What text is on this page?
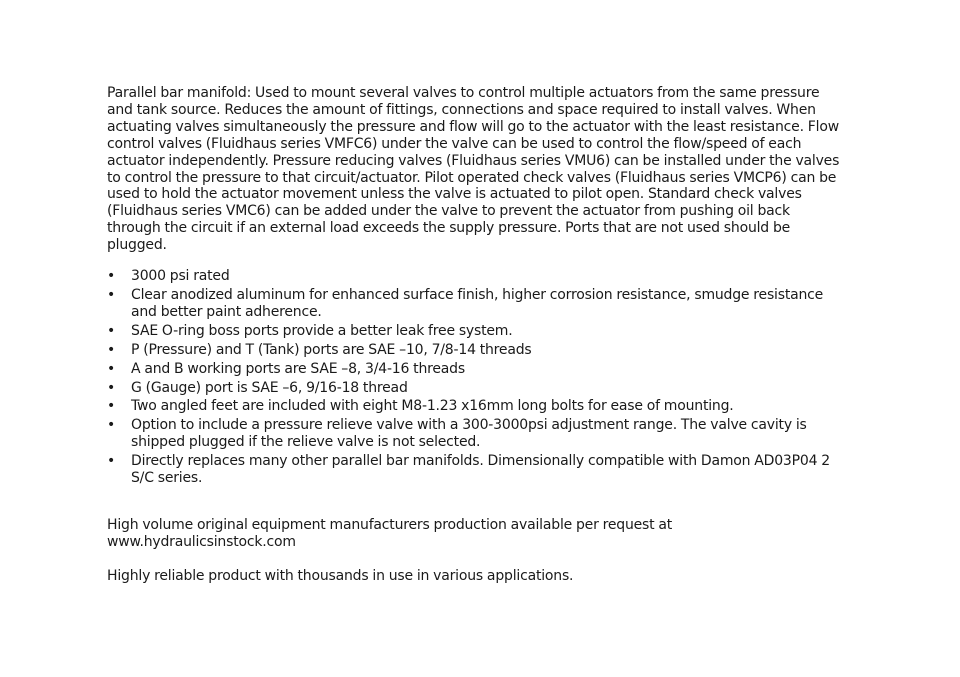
Parallel bar manifold: Used to mount several valves to control multiple actuators from the same pressure and tank source. Reduces the amount of fittings, connections and space required to install valves. When actuating valves simultaneously the pressure and flow will go to the actuator with the least resistance. Flow control valves (Fluidhaus series VMFC6) under the valve can be used to control the flow/speed of each actuator independently. Pressure reducing valves (Fluidhaus series VMU6) can be installed under the valves to control the pressure to that circuit/actuator. Pilot operated check valves (Fluidhaus series VMCP6) can be used to hold the actuator movement unless the valve is actuated to pilot open. Standard check valves (Fluidhaus series VMC6) can be added under the valve to prevent the actuator from pushing oil back through the circuit if an external load exceeds the supply pressure. Ports that are not used should be plugged.

• 3000 psi rated
• Clear anodized aluminum for enhanced surface finish, higher corrosion resistance, smudge resistance and better paint adherence.
• SAE O-ring boss ports provide a better leak free system.
• P (Pressure) and T (Tank) ports are SAE –10, 7/8-14 threads
• A and B working ports are SAE –8, 3/4-16 threads
• G (Gauge) port is SAE –6, 9/16-18 thread
• Two angled feet are included with eight M8-1.23 x16mm long bolts for ease of mounting.
• Option to include a pressure relieve valve with a 300-3000psi adjustment range. The valve cavity is shipped plugged if the relieve valve is not selected.
• Directly replaces many other parallel bar manifolds. Dimensionally compatible with Damon AD03P04 2 S/C series.

High volume original equipment manufacturers production available per request at www.hydraulicsinstock.com

Highly reliable product with thousands in use in various applications.
